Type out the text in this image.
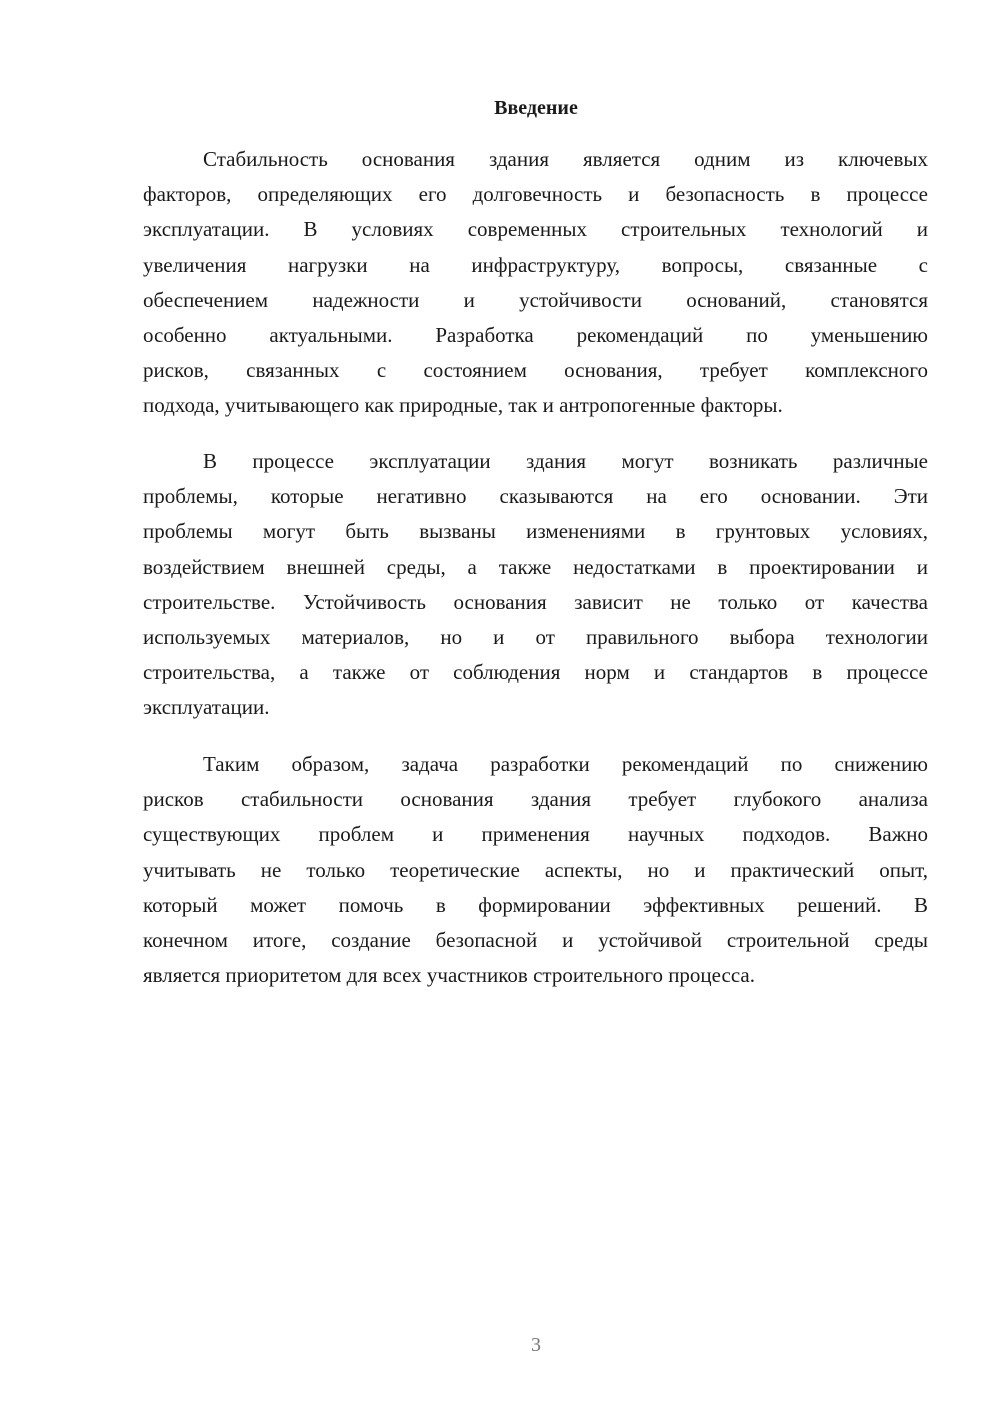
Введение
Стабильность основания здания является одним из ключевых
факторов, определяющих его долговечность и безопасность в процессе
эксплуатации. В условиях современных строительных технологий и
увеличения нагрузки на инфраструктуру, вопросы, связанные с
обеспечением надежности и устойчивости оснований, становятся
особенно актуальными. Разработка рекомендаций по уменьшению
рисков, связанных с состоянием основания, требует комплексного
подхода, учитывающего как природные, так и антропогенные факторы.
В процессе эксплуатации здания могут возникать различные
проблемы, которые негативно сказываются на его основании. Эти
проблемы могут быть вызваны изменениями в грунтовых условиях,
воздействием внешней среды, а также недостатками в проектировании и
строительстве. Устойчивость основания зависит не только от качества
используемых материалов, но и от правильного выбора технологии
строительства, а также от соблюдения норм и стандартов в процессе
эксплуатации.
Таким образом, задача разработки рекомендаций по снижению
рисков стабильности основания здания требует глубокого анализа
существующих проблем и применения научных подходов. Важно
учитывать не только теоретические аспекты, но и практический опыт,
который может помочь в формировании эффективных решений. В
конечном итоге, создание безопасной и устойчивой строительной среды
является приоритетом для всех участников строительного процесса.
3
